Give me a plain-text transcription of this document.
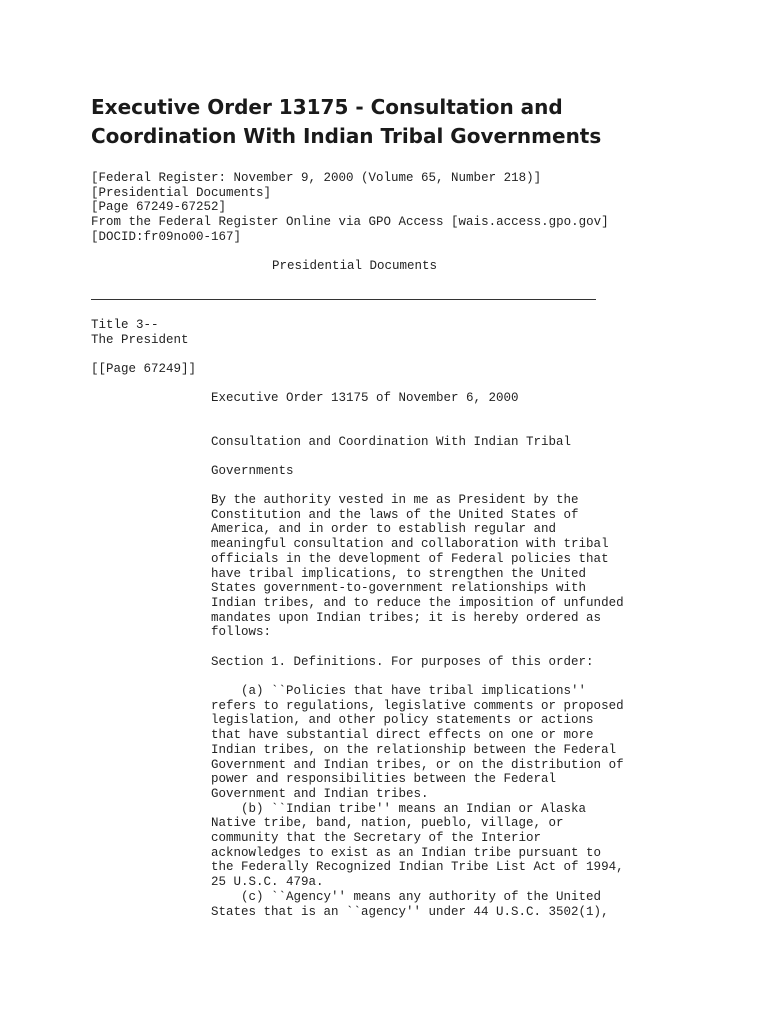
Executive Order 13175 - Consultation and Coordination With Indian Tribal Governments
[Federal Register: November 9, 2000 (Volume 65, Number 218)]
[Presidential Documents]
[Page 67249-67252]
From the Federal Register Online via GPO Access [wais.access.gpo.gov]
[DOCID:fr09no00-167]
Presidential Documents
Title 3--
The President
[[Page 67249]]
Executive Order 13175 of November 6, 2000
Consultation and Coordination With Indian Tribal
Governments
By the authority vested in me as President by the
Constitution and the laws of the United States of
America, and in order to establish regular and
meaningful consultation and collaboration with tribal
officials in the development of Federal policies that
have tribal implications, to strengthen the United
States government-to-government relationships with
Indian tribes, and to reduce the imposition of unfunded
mandates upon Indian tribes; it is hereby ordered as
follows:
Section 1. Definitions. For purposes of this order:
(a) ``Policies that have tribal implications''
refers to regulations, legislative comments or proposed
legislation, and other policy statements or actions
that have substantial direct effects on one or more
Indian tribes, on the relationship between the Federal
Government and Indian tribes, or on the distribution of
power and responsibilities between the Federal
Government and Indian tribes.
(b) ``Indian tribe'' means an Indian or Alaska
Native tribe, band, nation, pueblo, village, or
community that the Secretary of the Interior
acknowledges to exist as an Indian tribe pursuant to
the Federally Recognized Indian Tribe List Act of 1994,
25 U.S.C. 479a.
(c) ``Agency'' means any authority of the United
States that is an ``agency'' under 44 U.S.C. 3502(1),
